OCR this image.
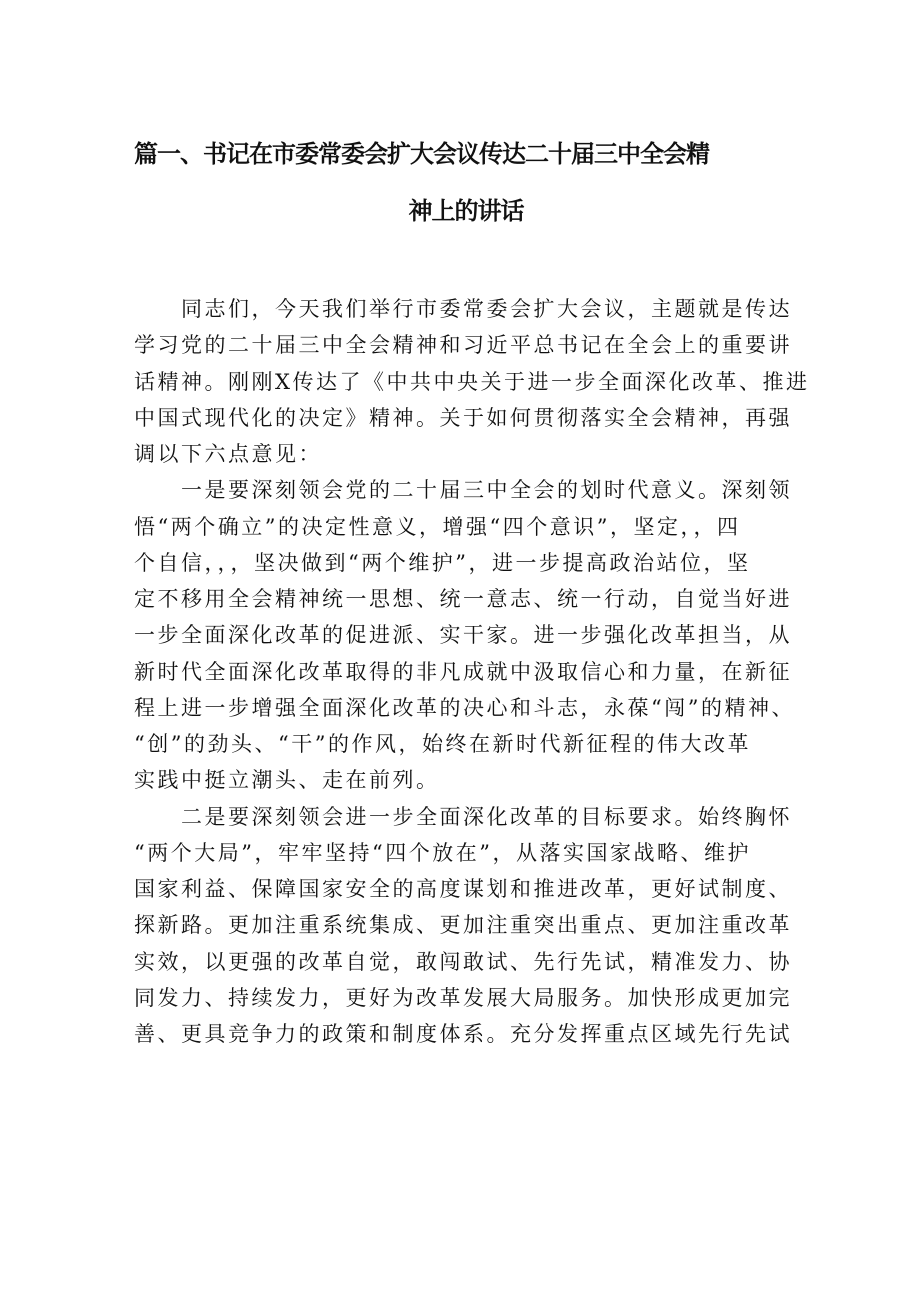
篇一、书记在市委常委会扩大会议传达二十届三中全会精
神上的讲话
　　同志们，今天我们举行市委常委会扩大会议，主题就是传达
学习党的二十届三中全会精神和习近平总书记在全会上的重要讲
话精神。刚刚X传达了《中共中央关于进一步全面深化改革、推进
中国式现代化的决定》精神。关于如何贯彻落实全会精神，再强
调以下六点意见：
　　一是要深刻领会党的二十届三中全会的划时代意义。深刻领
悟“两个确立”的决定性意义，增强“四个意识”，坚定，，四
个自信，，，坚决做到“两个维护”，进一步提高政治站位，坚
定不移用全会精神统一思想、统一意志、统一行动，自觉当好进
一步全面深化改革的促进派、实干家。进一步强化改革担当，从
新时代全面深化改革取得的非凡成就中汲取信心和力量，在新征
程上进一步增强全面深化改革的决心和斗志，永葆“闯”的精神、
“创”的劲头、“干”的作风，始终在新时代新征程的伟大改革
实践中挺立潮头、走在前列。
　　二是要深刻领会进一步全面深化改革的目标要求。始终胸怀
“两个大局”，牢牢坚持“四个放在”，从落实国家战略、维护
国家利益、保障国家安全的高度谋划和推进改革，更好试制度、
探新路。更加注重系统集成、更加注重突出重点、更加注重改革
实效，以更强的改革自觉，敢闯敢试、先行先试，精准发力、协
同发力、持续发力，更好为改革发展大局服务。加快形成更加完
善、更具竞争力的政策和制度体系。充分发挥重点区域先行先试
